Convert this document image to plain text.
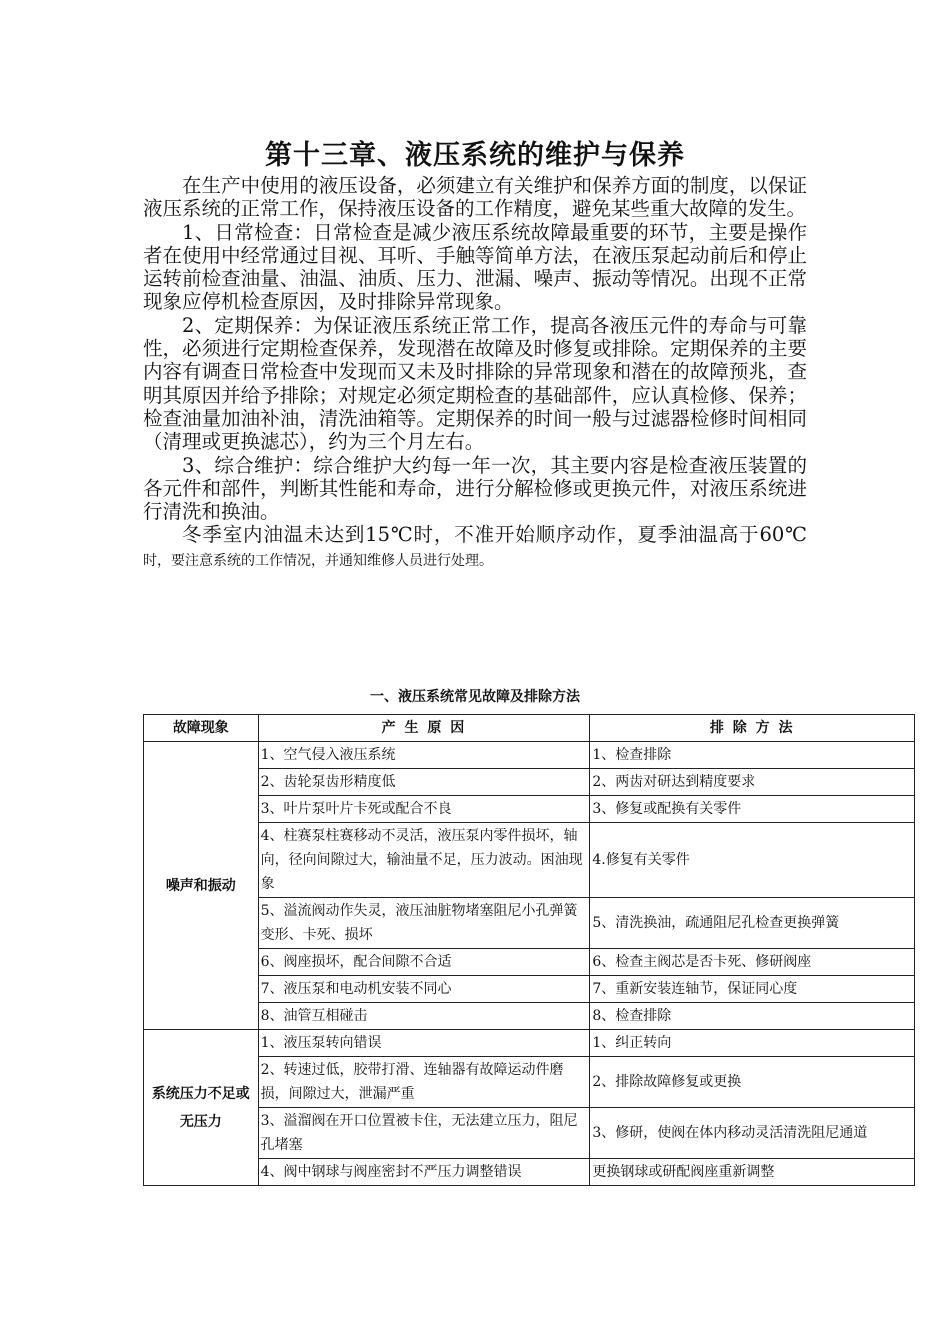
第十三章、液压系统的维护与保养

在生产中使用的液压设备，必须建立有关维护和保养方面的制度，以保证液压系统的正常工作，保持液压设备的工作精度，避免某些重大故障的发生。

1、日常检查：日常检查是减少液压系统故障最重要的环节，主要是操作者在使用中经常通过目视、耳听、手触等简单方法，在液压泵起动前后和停止运转前检查油量、油温、油质、压力、泄漏、噪声、振动等情况。出现不正常现象应停机检查原因，及时排除异常现象。

2、定期保养：为保证液压系统正常工作，提高各液压元件的寿命与可靠性，必须进行定期检查保养，发现潜在故障及时修复或排除。定期保养的主要内容有调查日常检查中发现而又未及时排除的异常现象和潜在的故障预兆，查明其原因并给予排除；对规定必须定期检查的基础部件，应认真检修、保养；检查油量加油补油，清洗油箱等。定期保养的时间一般与过滤器检修时间相同（清理或更换滤芯），约为三个月左右。

3、综合维护：综合维护大约每一年一次，其主要内容是检查液压装置的各元件和部件，判断其性能和寿命，进行分解检修或更换元件，对液压系统进行清洗和换油。

冬季室内油温未达到15℃时，不准开始顺序动作，夏季油温高于60℃时，要注意系统的工作情况，并通知维修人员进行处理。

一、液压系统常见故障及排除方法
故障现象	产 生 原 因	排 除 方 法
噪声和振动	1、空气侵入液压系统	1、检查排除
	2、齿轮泵齿形精度低	2、两齿对研达到精度要求
	3、叶片泵叶片卡死或配合不良	3、修复或配换有关零件
	4、柱赛泵柱赛移动不灵活，液压泵内零件损坏，轴向，径向间隙过大，输油量不足，压力波动。困油现象	4.修复有关零件
	5、溢流阀动作失灵，液压油脏物堵塞阻尼小孔弹簧变形、卡死、损坏	5、清洗换油，疏通阻尼孔检查更换弹簧
	6、阀座损坏，配合间隙不合适	6、检查主阀芯是否卡死、修研阀座
	7、液压泵和电动机安装不同心	7、重新安装连轴节，保证同心度
	8、油管互相碰击	8、检查排除
系统压力不足或无压力	1、液压泵转向错误	1、纠正转向
	2、转速过低，胶带打滑、连轴器有故障运动件磨损，间隙过大，泄漏严重	2、排除故障修复或更换
	3、溢溜阀在开口位置被卡住，无法建立压力，阻尼孔堵塞	3、修研，使阀在体内移动灵活清洗阻尼通道
	4、阀中钢球与阀座密封不严压力调整错误	更换钢球或研配阀座重新调整
